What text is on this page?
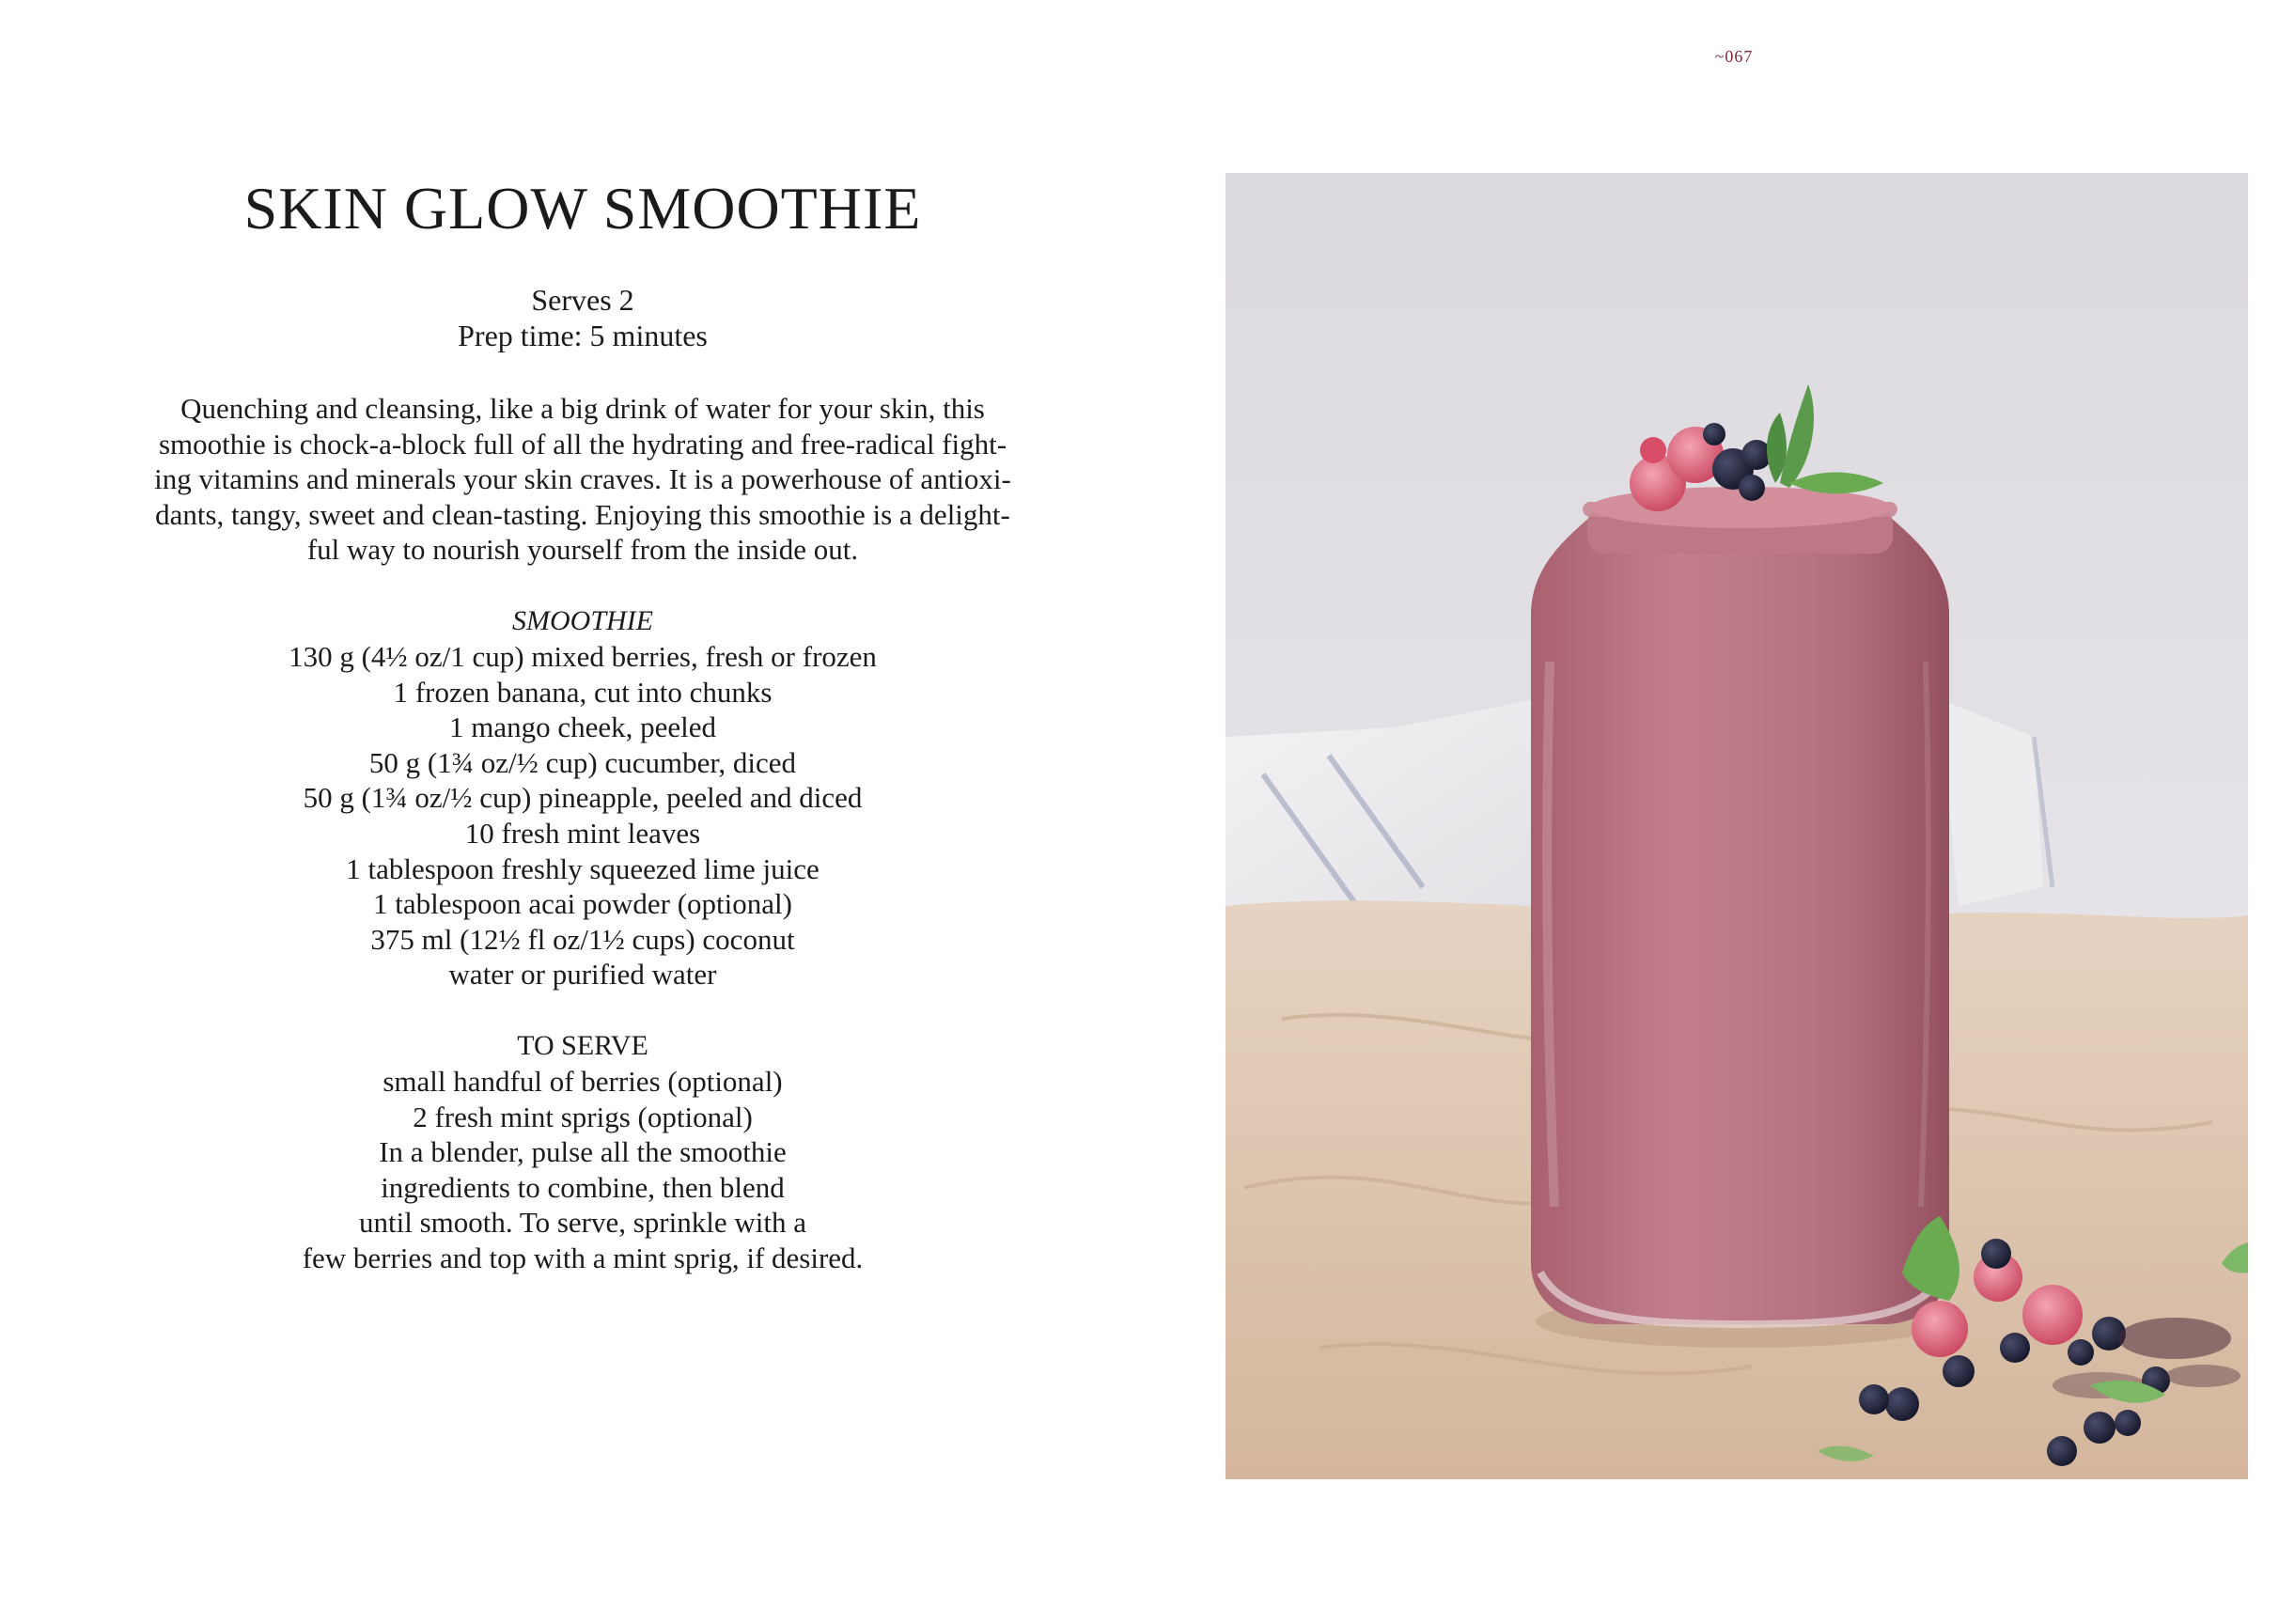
~067
SKIN GLOW SMOOTHIE
Serves 2
Prep time: 5 minutes
Quenching and cleansing, like a big drink of water for your skin, this
smoothie is chock-a-block full of all the hydrating and free-radical fight-
ing vitamins and minerals your skin craves. It is a powerhouse of antioxi-
dants, tangy, sweet and clean-tasting. Enjoying this smoothie is a delight-
ful way to nourish yourself from the inside out.
SMOOTHIE
130 g (4½ oz/1 cup) mixed berries, fresh or frozen
1 frozen banana, cut into chunks
1 mango cheek, peeled
50 g (1¾ oz/½ cup) cucumber, diced
50 g (1¾ oz/½ cup) pineapple, peeled and diced
10 fresh mint leaves
1 tablespoon freshly squeezed lime juice
1 tablespoon acai powder (optional)
375 ml (12½ fl oz/1½ cups) coconut
water or purified water
TO SERVE
small handful of berries (optional)
2 fresh mint sprigs (optional)
In a blender, pulse all the smoothie
ingredients to combine, then blend
until smooth. To serve, sprinkle with a
few berries and top with a mint sprig, if desired.
